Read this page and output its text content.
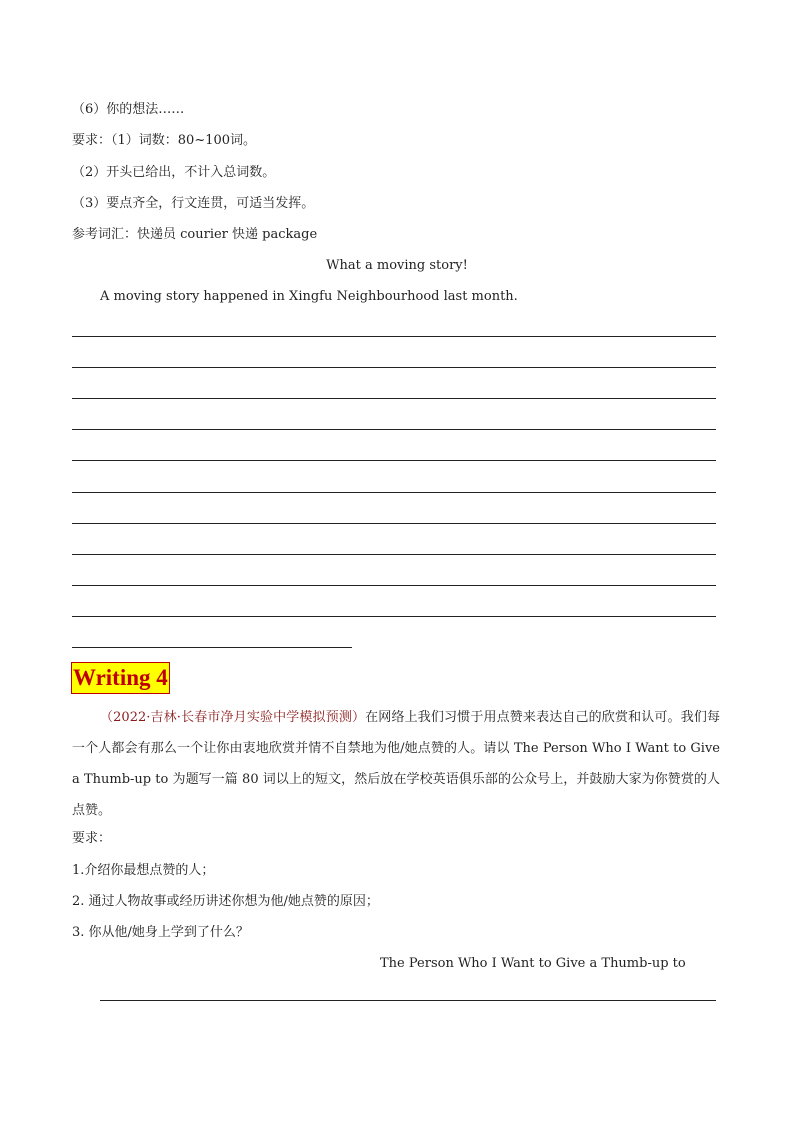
（6）你的想法……
要求：（1）词数：80~100词。
（2）开头已给出，不计入总词数。
（3）要点齐全，行文连贯，可适当发挥。
参考词汇：快递员 courier 快递 package
What a moving story!
A moving story happened in Xingfu Neighbourhood last month.
Writing 4
（2022·吉林·长春市净月实验中学模拟预测）在网络上我们习惯于用点赞来表达自己的欣赏和认可。我们每一个人都会有那么一个让你由衷地欣赏并情不自禁地为他/她点赞的人。请以 The Person Who I Want to Give a Thumb-up to 为题写一篇 80 词以上的短文，然后放在学校英语俱乐部的公众号上，并鼓励大家为你赞赏的人点赞。
要求：
1.介绍你最想点赞的人；
2. 通过人物故事或经历讲述你想为他/她点赞的原因；
3. 你从他/她身上学到了什么？
The Person Who I Want to Give a Thumb-up to
